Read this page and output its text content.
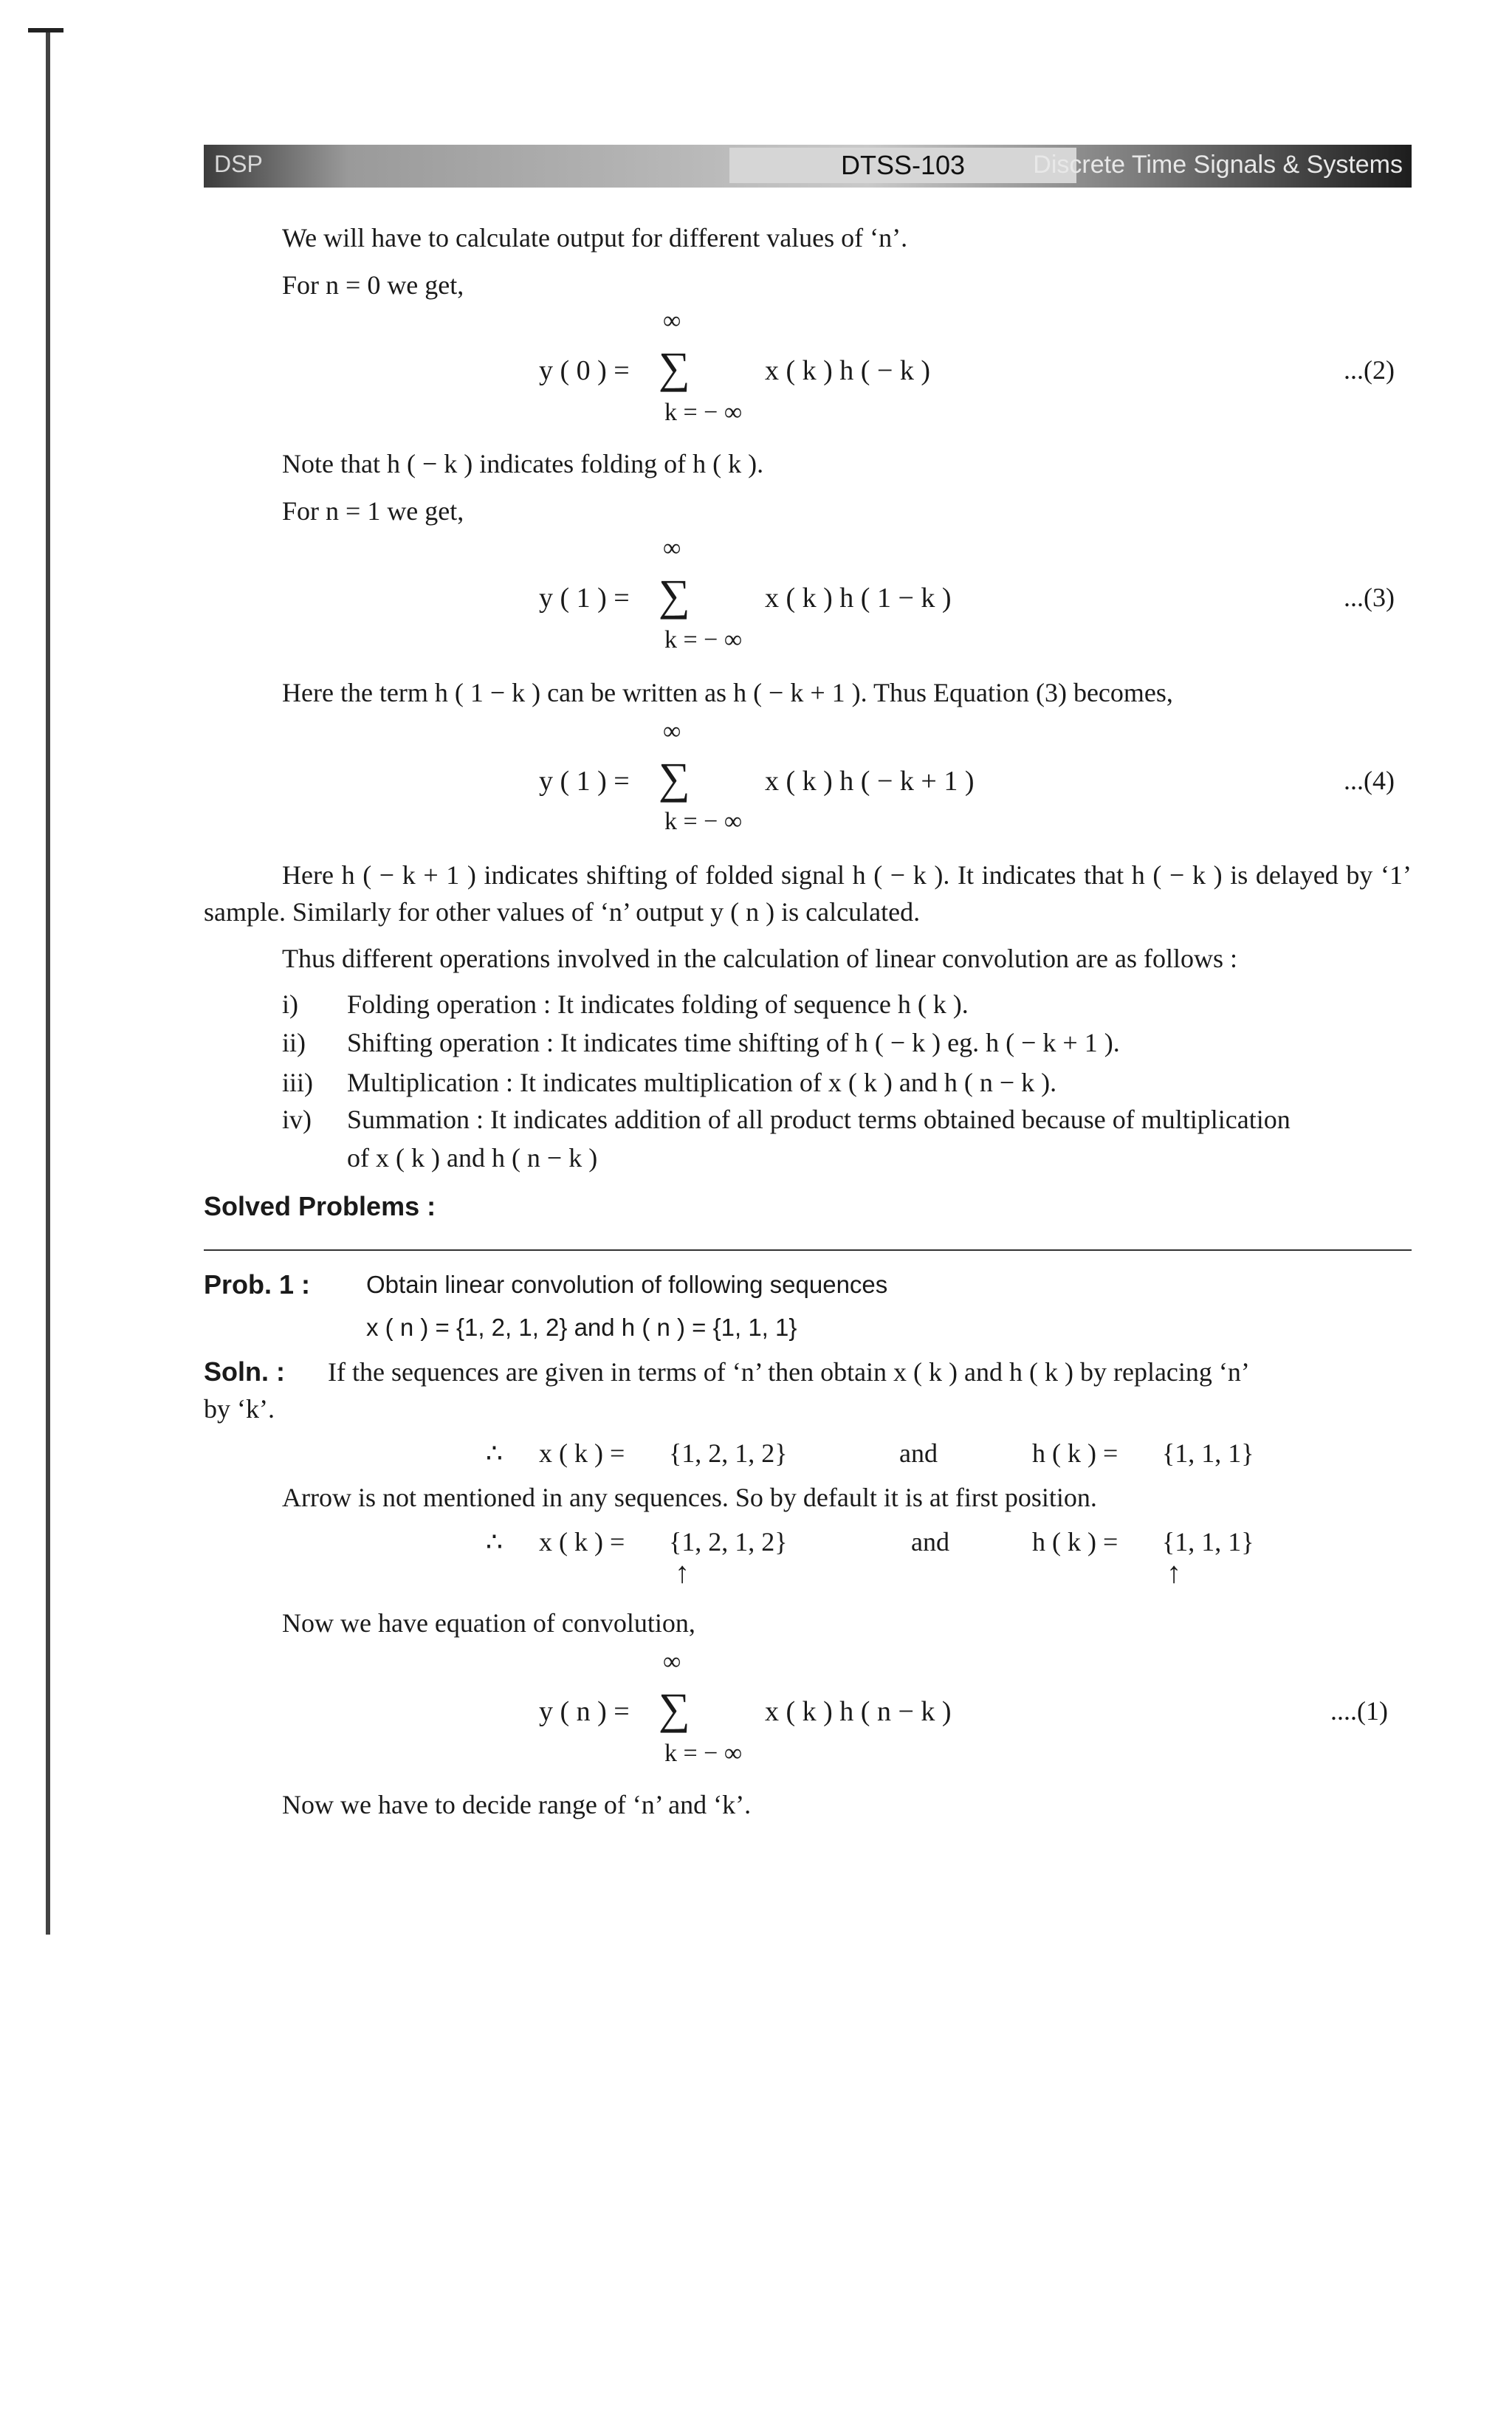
DSP	DTSS-103	Discrete Time Signals & Systems
We will have to calculate output for different values of ‘n’.
For n = 0 we get,
∞
y ( 0 ) = ∑	x ( k ) h ( − k )
k = − ∞
...(2)
Note that h ( − k ) indicates folding of h ( k ).
For n = 1 we get,
∞
y ( 1 ) = ∑	x ( k ) h ( 1 − k )
k = − ∞
...(3)
Here the term h ( 1 − k ) can be written as h ( − k + 1 ). Thus Equation (3) becomes,
∞
y ( 1 ) = ∑	x ( k ) h ( − k + 1 )
k = − ∞
...(4)
Here h ( − k + 1 ) indicates shifting of folded signal h ( − k ). It indicates that h ( − k ) is delayed by ‘1’ sample. Similarly for other values of ‘n’ output y ( n ) is calculated.
Thus different operations involved in the calculation of linear convolution are as follows :
i) Folding operation : It indicates folding of sequence h ( k ).
ii) Shifting operation : It indicates time shifting of h ( − k ) eg. h ( − k + 1 ).
iii) Multiplication : It indicates multiplication of x ( k ) and h ( n − k ).
iv) Summation : It indicates addition of all product terms obtained because of multiplication
of x ( k ) and h ( n − k )
Solved Problems :
Prob. 1 : Obtain linear convolution of following sequences
x ( n ) = {1, 2, 1, 2} and h ( n ) = {1, 1, 1}
Soln. : If the sequences are given in terms of ‘n’ then obtain x ( k ) and h ( k ) by replacing ‘n’
by ‘k’.
∴ x ( k ) = {1, 2, 1, 2}	and	h ( k ) = {1, 1, 1}
Arrow is not mentioned in any sequences. So by default it is at first position.
∴ x ( k ) = {1, 2, 1, 2}	and	h ( k ) = {1, 1, 1}
↑	↑
Now we have equation of convolution,
∞
y ( n ) = ∑	x ( k ) h ( n − k )
k = − ∞
....(1)
Now we have to decide range of ‘n’ and ‘k’.
